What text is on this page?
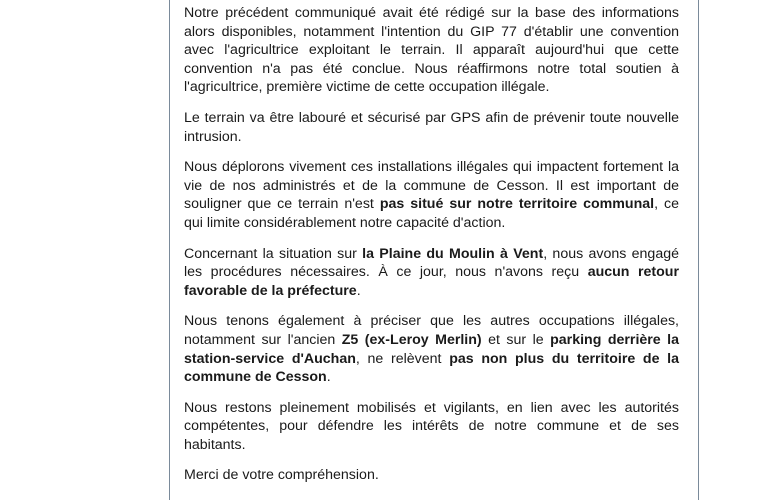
Notre précédent communiqué avait été rédigé sur la base des informations alors disponibles, notamment l'intention du GIP 77 d'établir une convention avec l'agricultrice exploitant le terrain. Il apparaît aujourd'hui que cette convention n'a pas été conclue. Nous réaffirmons notre total soutien à l'agricultrice, première victime de cette occupation illégale.

Le terrain va être labouré et sécurisé par GPS afin de prévenir toute nouvelle intrusion.

Nous déplorons vivement ces installations illégales qui impactent fortement la vie de nos administrés et de la commune de Cesson. Il est important de souligner que ce terrain n'est pas situé sur notre territoire communal, ce qui limite considérablement notre capacité d'action.

Concernant la situation sur la Plaine du Moulin à Vent, nous avons engagé les procédures nécessaires. À ce jour, nous n'avons reçu aucun retour favorable de la préfecture.

Nous tenons également à préciser que les autres occupations illégales, notamment sur l'ancien Z5 (ex-Leroy Merlin) et sur le parking derrière la station-service d'Auchan, ne relèvent pas non plus du territoire de la commune de Cesson.

Nous restons pleinement mobilisés et vigilants, en lien avec les autorités compétentes, pour défendre les intérêts de notre commune et de ses habitants.

Merci de votre compréhension.
